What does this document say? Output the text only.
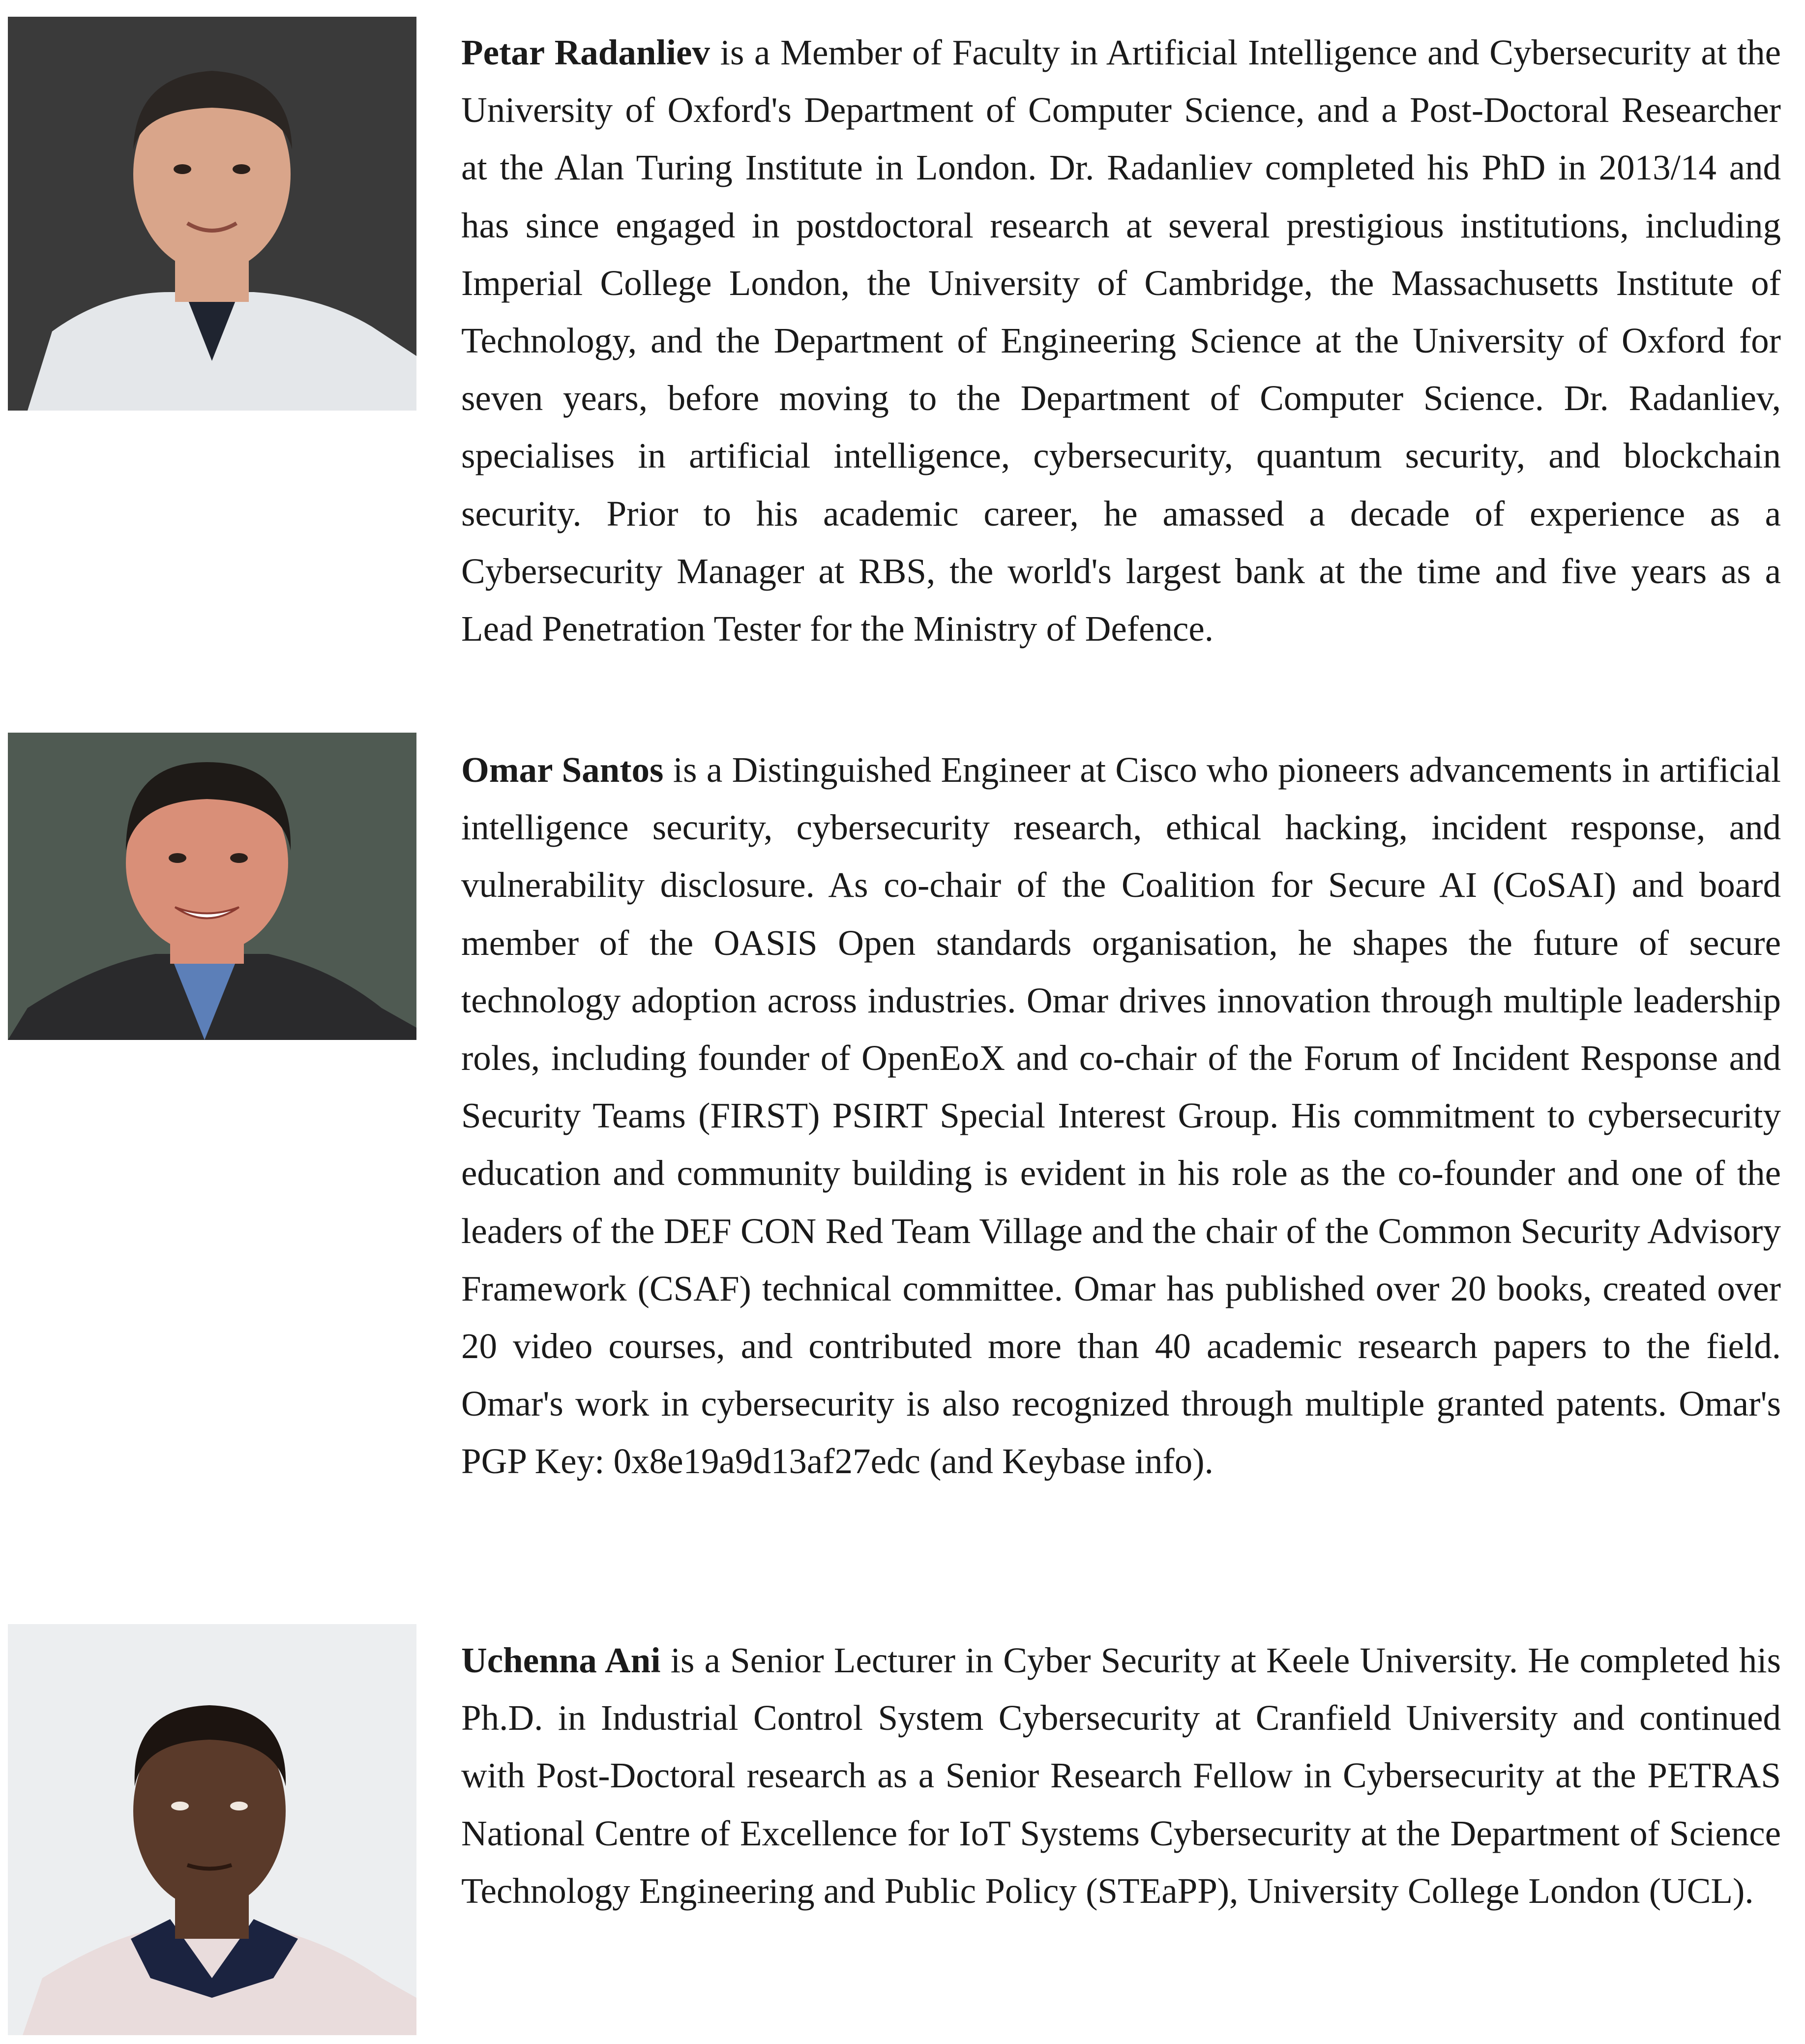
Petar Radanliev is a Member of Faculty in Artificial Intelligence and Cybersecurity at the University of Oxford's Department of Computer Science, and a Post-Doctoral Researcher at the Alan Turing Institute in London. Dr. Radanliev completed his PhD in 2013/14 and has since engaged in postdoctoral research at several prestigious institutions, including Imperial College London, the University of Cambridge, the Massachusetts Institute of Technology, and the Department of Engineering Science at the University of Oxford for seven years, before moving to the Department of Computer Science. Dr. Radanliev, specialises in artificial intelligence, cybersecurity, quantum security, and blockchain security. Prior to his academic career, he amassed a decade of experience as a Cybersecurity Manager at RBS, the world's largest bank at the time and five years as a Lead Penetration Tester for the Ministry of Defence.
Omar Santos is a Distinguished Engineer at Cisco who pioneers advancements in artificial intelligence security, cybersecurity research, ethical hacking, incident response, and vulnerability disclosure. As co-chair of the Coalition for Secure AI (CoSAI) and board member of the OASIS Open standards organisation, he shapes the future of secure technology adoption across industries. Omar drives innovation through multiple leadership roles, including founder of OpenEoX and co-chair of the Forum of Incident Response and Security Teams (FIRST) PSIRT Special Interest Group. His commitment to cybersecurity education and community building is evident in his role as the co-founder and one of the leaders of the DEF CON Red Team Village and the chair of the Common Security Advisory Framework (CSAF) technical committee. Omar has published over 20 books, created over 20 video courses, and contributed more than 40 academic research papers to the field. Omar's work in cybersecurity is also recognized through multiple granted patents. Omar's PGP Key: 0x8e19a9d13af27edc (and Keybase info).
Uchenna Ani is a Senior Lecturer in Cyber Security at Keele University. He completed his Ph.D. in Industrial Control System Cybersecurity at Cranfield University and continued with Post-Doctoral research as a Senior Research Fellow in Cybersecurity at the PETRAS National Centre of Excellence for IoT Systems Cybersecurity at the Department of Science Technology Engineering and Public Policy (STEaPP), University College London (UCL).
